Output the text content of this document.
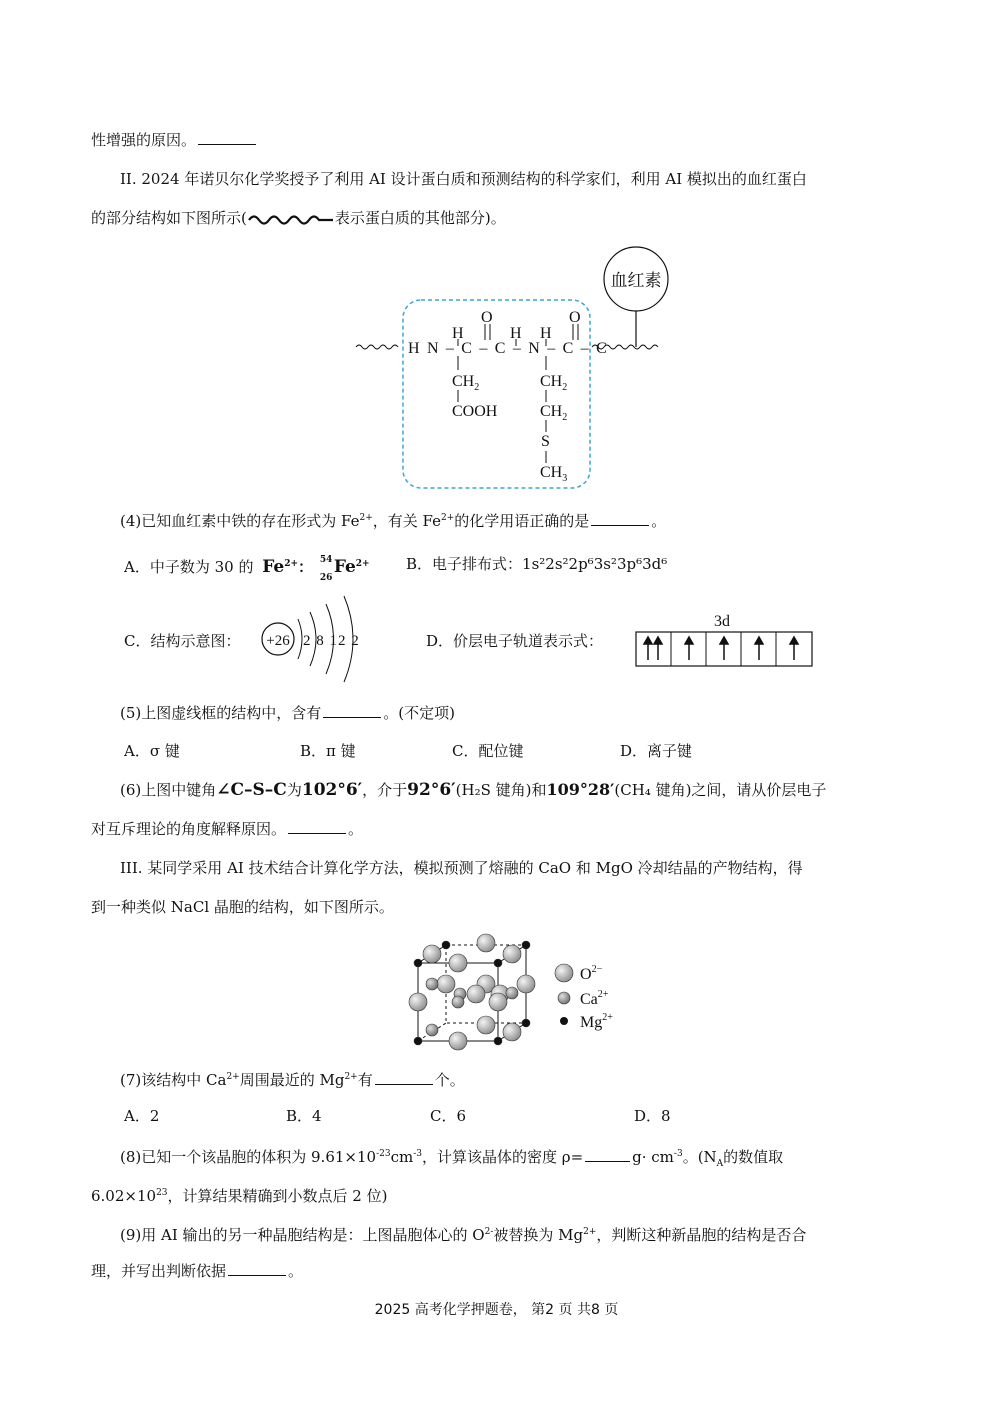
性增强的原因。
II. 2024 年诺贝尔化学奖授予了利用 AI 设计蛋白质和预测结构的科学家们，利用 AI 模拟出的血红蛋白
的部分结构如下图所示(	表示蛋白质的其他部分)。
血红素
HN–C–C–N–C–C
H
O
H H
O
$CH_2$
COOH
$CH_2$
$CH_2$
S
$CH_3$
(4)已知血红素中铁的存在形式为 $Fe^{2+}$，有关 $Fe^{2+}$的化学用语正确的是	。
A．中子数为 30 的 $Fe^{2+}$： 54
26
$Fe^{2+}$ B．电子排布式：1s²2s²2p⁶3s²3p⁶3d⁶
C．结构示意图： +26 2 8 12 2	D．价层电子轨道表示式：
3d
(5)上图虚线框的结构中，含有	。(不定项)
A．σ 键	B．π 键	C．配位键	D．离子键
(6)上图中键角∠C–S–C为102°6′，介于92°6′(H₂S 键角)和109°28′(CH₄ 键角)之间，请从价层电子
对互斥理论的角度解释原因。	。
III. 某同学采用 AI 技术结合计算化学方法，模拟预测了熔融的 CaO 和 MgO 冷却结晶的产物结构，得
到一种类似 NaCl 晶胞的结构，如下图所示。
$O^{2-}$
$Ca^{2+}$
$Mg^{2+}$
(7)该结构中 $Ca^{2+}$周围最近的 $Mg^{2+}$有	个。
A．2	B．4	C．6	D．8
(8)已知一个该晶胞的体积为 $9.61\times 10^{-23}cm^{-3}$，计算该晶体的密度 ρ=	$g\cdot cm^{-3}$。($N_A$的数值取
$6.02\times 10^{23}$，计算结果精确到小数点后 2 位)
(9)用 AI 输出的另一种晶胞结构是：上图晶胞体心的 $O^{2-}$被替换为 $Mg^{2+}$，判断这种新晶胞的结构是否合
理，并写出判断依据	。
2025 高考化学押题卷， 第2 页 共8 页
